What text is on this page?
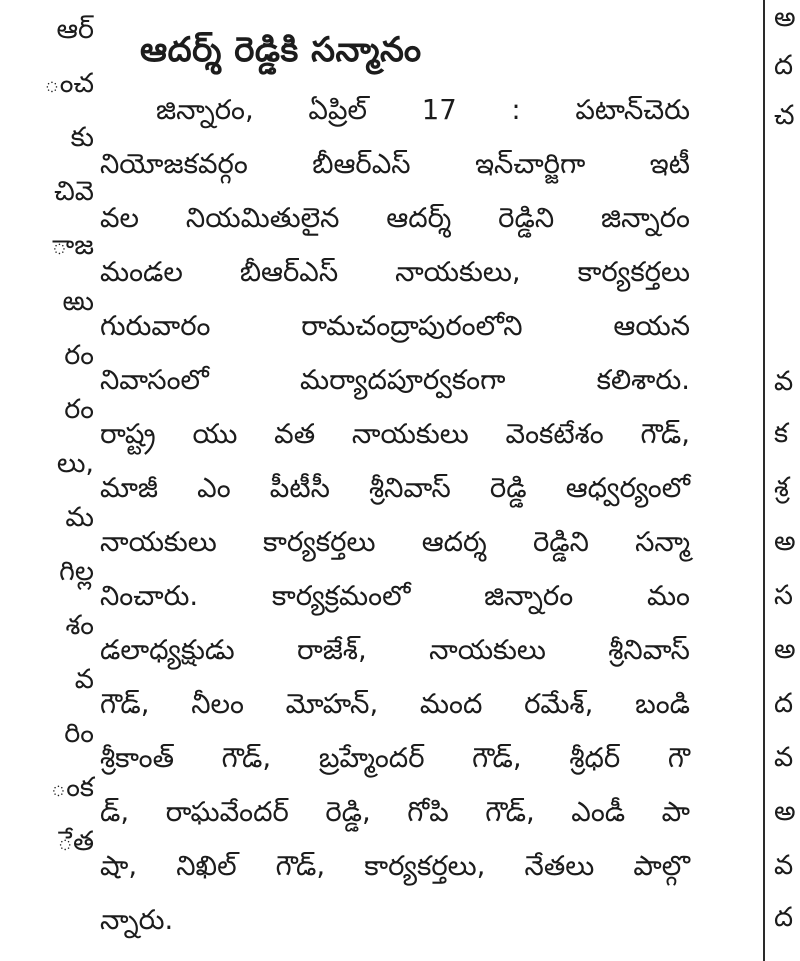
ఆర్
ంచ
కు
చివె
ాజ
ఱు
రం
రం
లు,
మ
గిల్ల
శం
వ
రిం
ంక
ేత
ఆదర్శ్ రెడ్డికి సన్మానం
జిన్నారం, ఏప్రిల్ 17 : పటాన్‌చెరు
నియోజకవర్గం బీఆర్ఎస్ ఇన్‌చార్జిగా ఇటీ
వల నియమితులైన ఆదర్శ్ రెడ్డిని జిన్నారం
మండల బీఆర్ఎస్ నాయకులు, కార్యకర్తలు
గురువారం రామచంద్రాపురంలోని ఆయన
నివాసంలో మర్యాదపూర్వకంగా కలిశారు.
రాష్ట్ర యు వత నాయకులు వెంకటేశం గౌడ్,
మాజీ ఎం పీటీసీ శ్రీనివాస్ రెడ్డి ఆధ్వర్యంలో
నాయకులు కార్యకర్తలు ఆదర్శ రెడ్డిని సన్మా
నించారు. కార్యక్రమంలో జిన్నారం మం
డలాధ్యక్షుడు రాజేశ్, నాయకులు శ్రీనివాస్
గౌడ్, నీలం మోహన్, మంద రమేశ్, బండి
శ్రీకాంత్ గౌడ్, బ్రహ్మేందర్ గౌడ్, శ్రీధర్ గౌ
డ్, రాఘవేందర్ రెడ్డి, గోపి గౌడ్, ఎండీ పా
షా, నిఖిల్ గౌడ్, కార్యకర్తలు, నేతలు పాల్గొ
న్నారు.
అ
ద
చ
వ
క
శ్ర
అ
స
అ
ద
వ
అ
వ
ద
